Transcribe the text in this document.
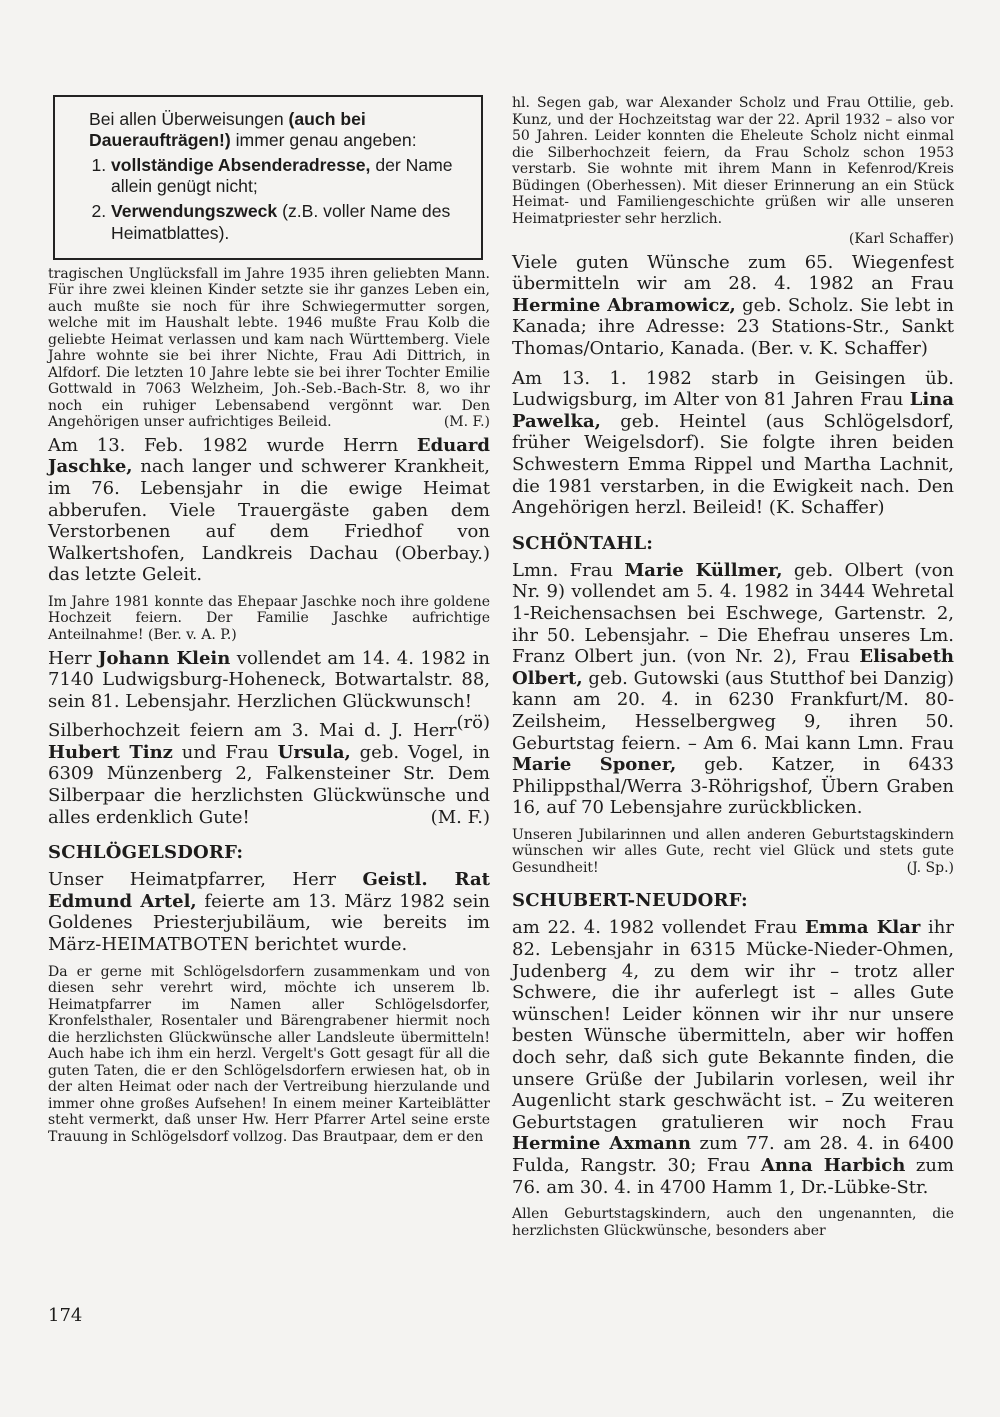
Bei allen Überweisungen (auch bei Daueraufträgen!) immer genau angeben:

1. vollständige Absenderadresse, der Name allein genügt nicht;
2. Verwendungszweck (z.B. voller Name des Heimatblattes).

tragischen Unglücksfall im Jahre 1935 ihren geliebten Mann. Für ihre zwei kleinen Kinder setzte sie ihr ganzes Leben ein, auch mußte sie noch für ihre Schwiegermutter sorgen, welche mit im Haushalt lebte. 1946 mußte Frau Kolb die geliebte Heimat verlassen und kam nach Württemberg. Viele Jahre wohnte sie bei ihrer Nichte, Frau Adi Dittrich, in Alfdorf. Die letzten 10 Jahre lebte sie bei ihrer Tochter Emilie Gottwald in 7063 Welzheim, Joh.-Seb.-Bach-Str. 8, wo ihr noch ein ruhiger Lebensabend vergönnt war. Den Angehörigen unser aufrichtiges Beileid.	(M. F.)

Am 13. Feb. 1982 wurde Herrn Eduard Jaschke, nach langer und schwerer Krankheit, im 76. Lebensjahr in die ewige Heimat abberufen. Viele Trauergäste gaben dem Verstorbenen auf dem Friedhof von Walkertshofen, Landkreis Dachau (Oberbay.) das letzte Geleit.

Im Jahre 1981 konnte das Ehepaar Jaschke noch ihre goldene Hochzeit feiern. Der Familie Jaschke aufrichtige Anteilnahme! (Ber. v. A. P.)

Herr Johann Klein vollendet am 14. 4. 1982 in 7140 Ludwigsburg-Hoheneck, Botwartalstr. 88, sein 81. Lebensjahr. Herzlichen Glückwunsch!
(rö)

Silberhochzeit feiern am 3. Mai d. J. Herr Hubert Tinz und Frau Ursula, geb. Vogel, in 6309 Münzenberg 2, Falkensteiner Str. Dem Silberpaar die herzlichsten Glückwünsche und alles erdenklich Gute!	(M. F.)

SCHLÖGELSDORF:

Unser Heimatpfarrer, Herr Geistl. Rat Edmund Artel, feierte am 13. März 1982 sein Goldenes Priesterjubiläum, wie bereits im März-HEIMATBOTEN berichtet wurde.

Da er gerne mit Schlögelsdorfern zusammenkam und von diesen sehr verehrt wird, möchte ich unserem lb. Heimatpfarrer im Namen aller Schlögelsdorfer, Kronfelsthaler, Rosentaler und Bärengrabener hiermit noch die herzlichsten Glückwünsche aller Landsleute übermitteln! Auch habe ich ihm ein herzl. Vergelt's Gott gesagt für all die guten Taten, die er den Schlögelsdorfern erwiesen hat, ob in der alten Heimat oder nach der Vertreibung hierzulande und immer ohne großes Aufsehen! In einem meiner Karteiblätter steht vermerkt, daß unser Hw. Herr Pfarrer Artel seine erste Trauung in Schlögelsdorf vollzog. Das Brautpaar, dem er den

hl. Segen gab, war Alexander Scholz und Frau Ottilie, geb. Kunz, und der Hochzeitstag war der 22. April 1932 – also vor 50 Jahren. Leider konnten die Eheleute Scholz nicht einmal die Silberhochzeit feiern, da Frau Scholz schon 1953 verstarb. Sie wohnte mit ihrem Mann in Kefenrod/Kreis Büdingen (Oberhessen). Mit dieser Erinnerung an ein Stück Heimat- und Familiengeschichte grüßen wir alle unseren Heimatpriester sehr herzlich.

(Karl Schaffer)

Viele guten Wünsche zum 65. Wiegenfest übermitteln wir am 28. 4. 1982 an Frau Hermine Abramowicz, geb. Scholz. Sie lebt in Kanada; ihre Adresse: 23 Stations-Str., Sankt Thomas/Ontario, Kanada. (Ber. v. K. Schaffer)

Am 13. 1. 1982 starb in Geisingen üb. Ludwigsburg, im Alter von 81 Jahren Frau Lina Pawelka, geb. Heintel (aus Schlögelsdorf, früher Weigelsdorf). Sie folgte ihren beiden Schwestern Emma Rippel und Martha Lachnit, die 1981 verstarben, in die Ewigkeit nach. Den Angehörigen herzl. Beileid! (K. Schaffer)

SCHÖNTAHL:

Lmn. Frau Marie Küllmer, geb. Olbert (von Nr. 9) vollendet am 5. 4. 1982 in 3444 Wehretal 1-Reichensachsen bei Eschwege, Gartenstr. 2, ihr 50. Lebensjahr. – Die Ehefrau unseres Lm. Franz Olbert jun. (von Nr. 2), Frau Elisabeth Olbert, geb. Gutowski (aus Stutthof bei Danzig) kann am 20. 4. in 6230 Frankfurt/M. 80-Zeilsheim, Hesselbergweg 9, ihren 50. Geburtstag feiern. – Am 6. Mai kann Lmn. Frau Marie Sponer, geb. Katzer, in 6433 Philippsthal/Werra 3-Röhrigshof, Übern Graben 16, auf 70 Lebensjahre zurückblicken.

Unseren Jubilarinnen und allen anderen Geburtstagskindern wünschen wir alles Gute, recht viel Glück und stets gute Gesundheit!	(J. Sp.)

SCHUBERT-NEUDORF:

am 22. 4. 1982 vollendet Frau Emma Klar ihr 82. Lebensjahr in 6315 Mücke-Nieder-Ohmen, Judenberg 4, zu dem wir ihr – trotz aller Schwere, die ihr auferlegt ist – alles Gute wünschen! Leider können wir ihr nur unsere besten Wünsche übermitteln, aber wir hoffen doch sehr, daß sich gute Bekannte finden, die unsere Grüße der Jubilarin vorlesen, weil ihr Augenlicht stark geschwächt ist. – Zu weiteren Geburtstagen gratulieren wir noch Frau Hermine Axmann zum 77. am 28. 4. in 6400 Fulda, Rangstr. 30; Frau Anna Harbich zum 76. am 30. 4. in 4700 Hamm 1, Dr.-Lübke-Str.

Allen Geburtstagskindern, auch den ungenannten, die herzlichsten Glückwünsche, besonders aber

174
